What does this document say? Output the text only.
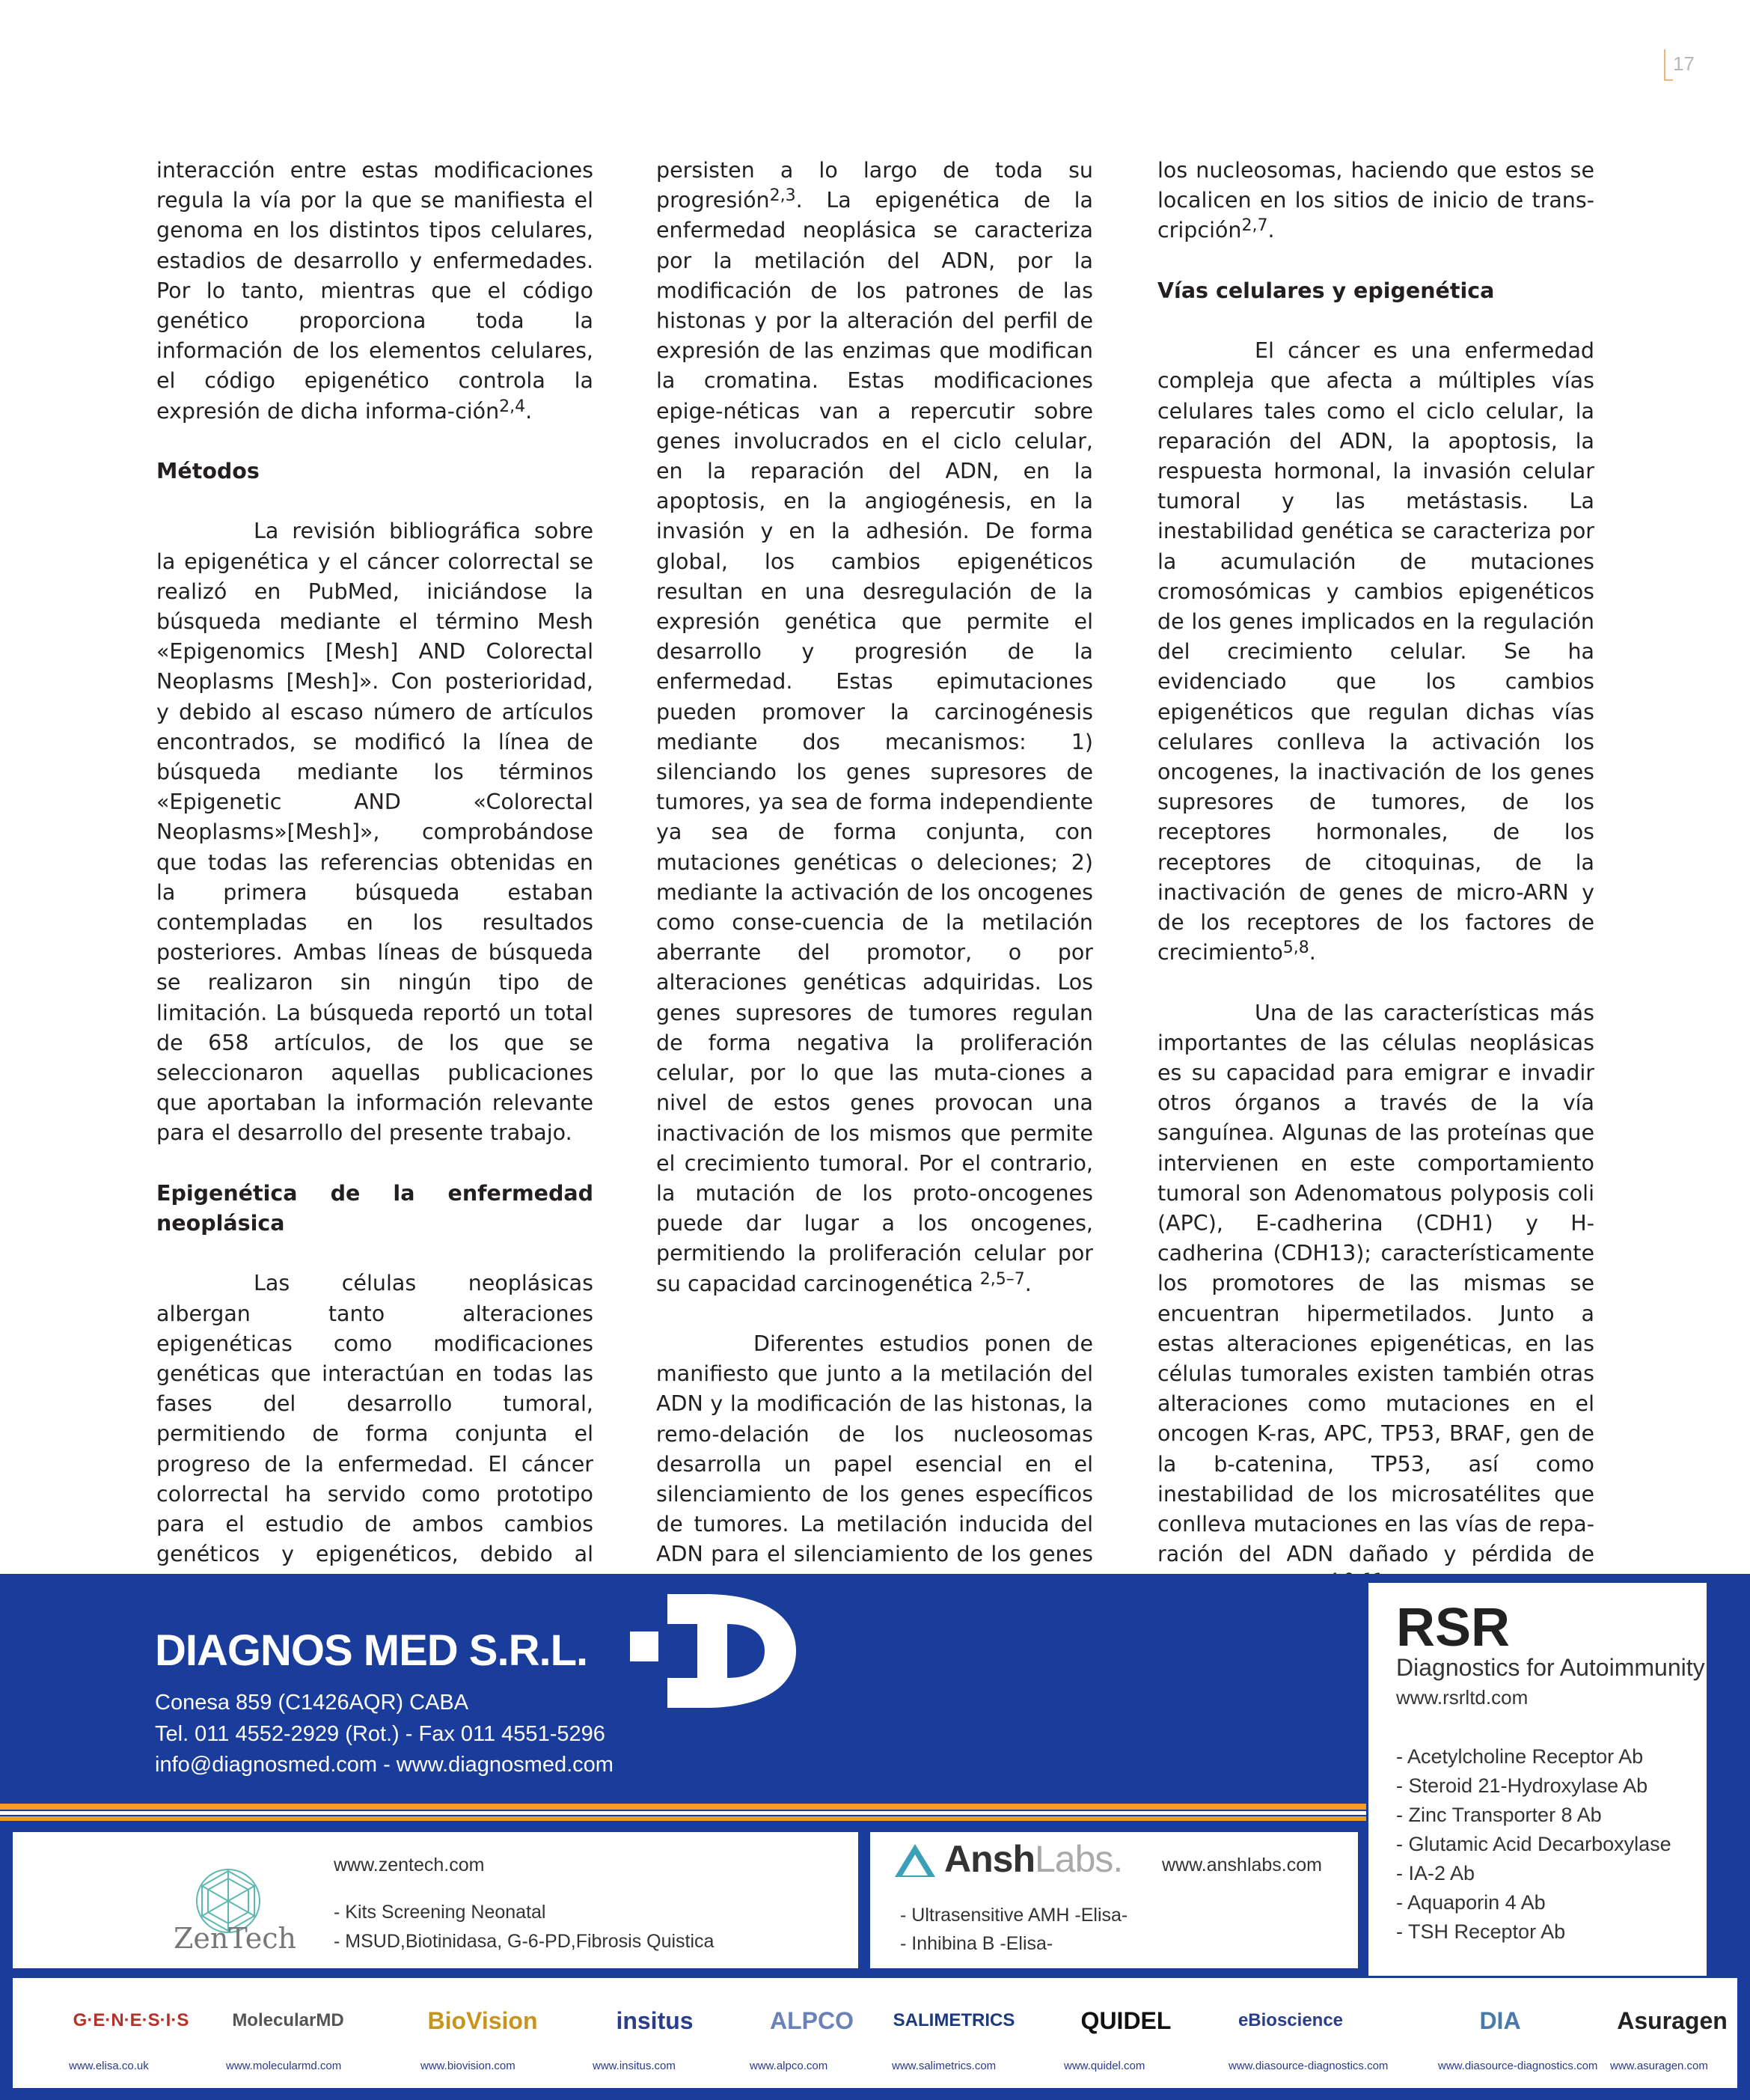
17

interacción entre estas modificaciones regula la vía por la que se manifiesta el genoma en los distintos tipos celulares, estadios de desarrollo y enfermedades. Por lo tanto, mientras que el código genético proporciona toda la información de los elementos celulares, el código epigenético controla la expresión de dicha informa-ción$^{2,4}$.

Métodos

La revisión bibliográfica sobre la epigenética y el cáncer colorrectal se realizó en PubMed, iniciándose la búsqueda mediante el término Mesh «Epigenomics [Mesh] AND Colorectal Neoplasms [Mesh]». Con posterioridad, y debido al escaso número de artículos encontrados, se modificó la línea de búsqueda mediante los términos «Epigenetic AND «Colorectal Neoplasms»[Mesh]», comprobándose que todas las referencias obtenidas en la primera búsqueda estaban contempladas en los resultados posteriores. Ambas líneas de búsqueda se realizaron sin ningún tipo de limitación. La búsqueda reportó un total de 658 artículos, de los que se seleccionaron aquellas publicaciones que aportaban la información relevante para el desarrollo del presente trabajo.

Epigenética de la enfermedad neoplásica

Las células neoplásicas albergan tanto alteraciones epigenéticas como modificaciones genéticas que interactúan en todas las fases del desarrollo tumoral, permitiendo de forma conjunta el progreso de la enfermedad. El cáncer colorrectal ha servido como prototipo para el estudio de ambos cambios genéticos y epigenéticos, debido al

persisten a lo largo de toda su progresión$^{2,3}$. La epigenética de la enfermedad neoplásica se caracteriza por la metilación del ADN, por la modificación de los patrones de las histonas y por la alteración del perfil de expresión de las enzimas que modifican la cromatina. Estas modificaciones epige-néticas van a repercutir sobre genes involucrados en el ciclo celular, en la reparación del ADN, en la apoptosis, en la angiogénesis, en la invasión y en la adhesión. De forma global, los cambios epigenéticos resultan en una desregulación de la expresión genética que permite el desarrollo y progresión de la enfermedad. Estas epimutaciones pueden promover la carcinogénesis mediante dos mecanismos: 1) silenciando los genes supresores de tumores, ya sea de forma independiente ya sea de forma conjunta, con mutaciones genéticas o deleciones; 2) mediante la activación de los oncogenes como conse-cuencia de la metilación aberrante del promotor, o por alteraciones genéticas adquiridas. Los genes supresores de tumores regulan de forma negativa la proliferación celular, por lo que las muta-ciones a nivel de estos genes provocan una inactivación de los mismos que permite el crecimiento tumoral. Por el contrario, la mutación de los proto-oncogenes puede dar lugar a los oncogenes, permitiendo la proliferación celular por su capacidad carcinogenética $^{2,5-7}$.

Diferentes estudios ponen de manifiesto que junto a la metilación del ADN y la modificación de las histonas, la remo-delación de los nucleosomas desarrolla un papel esencial en el silenciamiento de los genes específicos de tumores. La metilación inducida del ADN para el silenciamiento de los genes

los nucleosomas, haciendo que estos se localicen en los sitios de inicio de trans-cripción$^{2,7}$.

Vías celulares y epigenética

El cáncer es una enfermedad compleja que afecta a múltiples vías celulares tales como el ciclo celular, la reparación del ADN, la apoptosis, la respuesta hormonal, la invasión celular tumoral y las metástasis. La inestabilidad genética se caracteriza por la acumulación de mutaciones cromosómicas y cambios epigenéticos de los genes implicados en la regulación del crecimiento celular. Se ha evidenciado que los cambios epigenéticos que regulan dichas vías celulares conlleva la activación los oncogenes, la inactivación de los genes supresores de tumores, de los receptores hormonales, de los receptores de citoquinas, de la inactivación de genes de micro-ARN y de los receptores de los factores de crecimiento$^{5,8}$.

Una de las características más importantes de las células neoplásicas es su capacidad para emigrar e invadir otros órganos a través de la vía sanguínea. Algunas de las proteínas que intervienen en este comportamiento tumoral son Adenomatous polyposis coli (APC), E-cadherina (CDH1) y H-cadherina (CDH13); característicamente los promotores de las mismas se encuentran hipermetilados. Junto a estas alteraciones epigenéticas, en las células tumorales existen también otras alteraciones como mutaciones en el oncogen K-ras, APC, TP53, BRAF, gen de la b-catenina, TP53, así como inestabilidad de los microsatélites que conlleva mutaciones en las vías de repa-ración del ADN dañado y pérdida de

DIAGNOS MED S.R.L.
Conesa 859 (C1426AQR) CABA
Tel. 011 4552-2929 (Rot.) - Fax 011 4551-5296
info@diagnosmed.com - www.diagnosmed.com
RSR
Diagnostics for Autoimmunity
www.rsrltd.com
- Acetylcholine Receptor Ab
- Steroid 21-Hydroxylase Ab
- Zinc Transporter 8 Ab
- Glutamic Acid Decarboxylase
- IA-2 Ab
- Aquaporin 4 Ab
- TSH Receptor Ab
ZenTech
www.zentech.com
- Kits Screening Neonatal
- MSUD,Biotinidasa, G-6-PD,Fibrosis Quistica
AnshLabs. www.anshlabs.com
- Ultrasensitive AMH -Elisa-
- Inhibina B -Elisa-
G·E·N·E·S·I·S
www.elisa.co.uk
MolecularMD
www.molecularmd.com
BioVision
www.biovision.com
insitus
www.insitus.com
ALPCO
www.alpco.com
SALIMETRICS
www.salimetrics.com
QUIDEL
www.quidel.com
eBioscience
www.diasource-diagnostics.com
DIA
www.diasource-diagnostics.com
Asuragen
www.asuragen.com
